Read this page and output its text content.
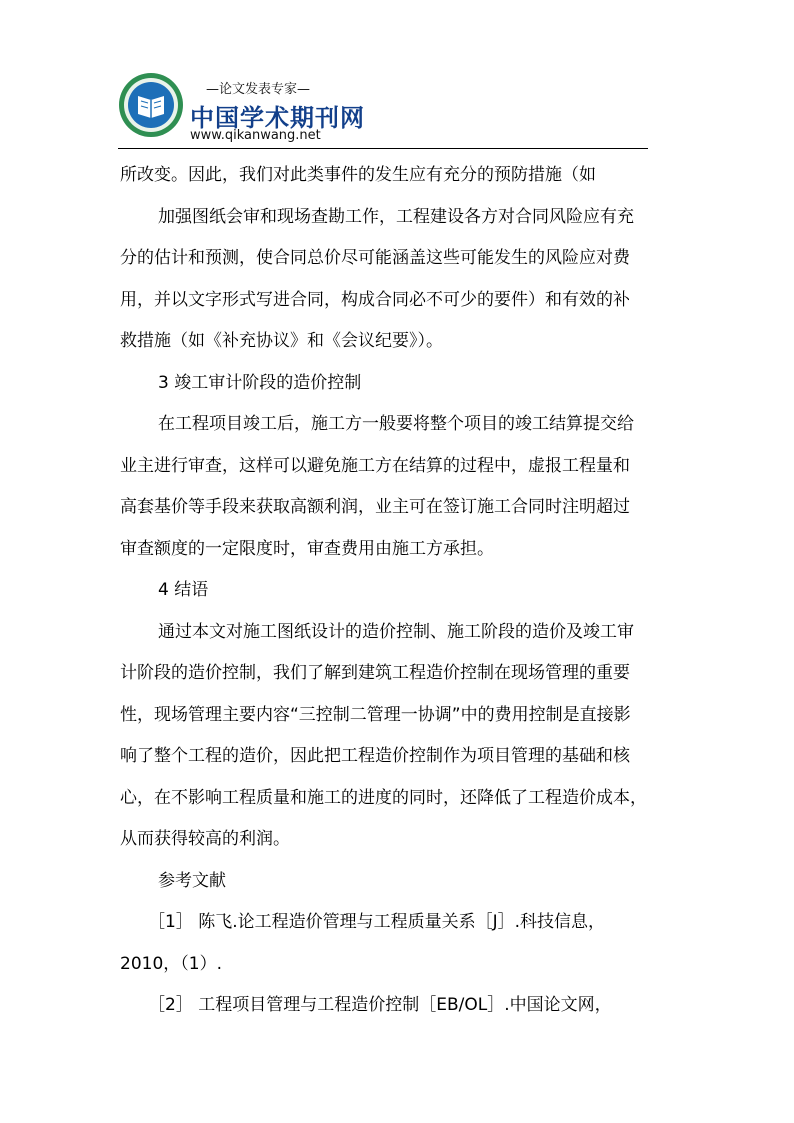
—论文发表专家—
中国学术期刊网
www.qikanwang.net

所改变。因此，我们对此类事件的发生应有充分的预防措施（如

加强图纸会审和现场查勘工作，工程建设各方对合同风险应有充

分的估计和预测，使合同总价尽可能涵盖这些可能发生的风险应对费

用，并以文字形式写进合同，构成合同必不可少的要件）和有效的补

救措施（如《补充协议》和《会议纪要》）。

3 竣工审计阶段的造价控制

在工程项目竣工后，施工方一般要将整个项目的竣工结算提交给

业主进行审查，这样可以避免施工方在结算的过程中，虚报工程量和

高套基价等手段来获取高额利润，业主可在签订施工合同时注明超过

审查额度的一定限度时，审查费用由施工方承担。

4 结语

通过本文对施工图纸设计的造价控制、施工阶段的造价及竣工审

计阶段的造价控制，我们了解到建筑工程造价控制在现场管理的重要

性，现场管理主要内容“三控制二管理一协调”中的费用控制是直接影

响了整个工程的造价，因此把工程造价控制作为项目管理的基础和核

心，在不影响工程质量和施工的进度的同时，还降低了工程造价成本，

从而获得较高的利润。

参考文献

［1］ 陈飞.论工程造价管理与工程质量关系［J］.科技信息，

2010，（1）.

［2］ 工程项目管理与工程造价控制［EB/OL］.中国论文网，
